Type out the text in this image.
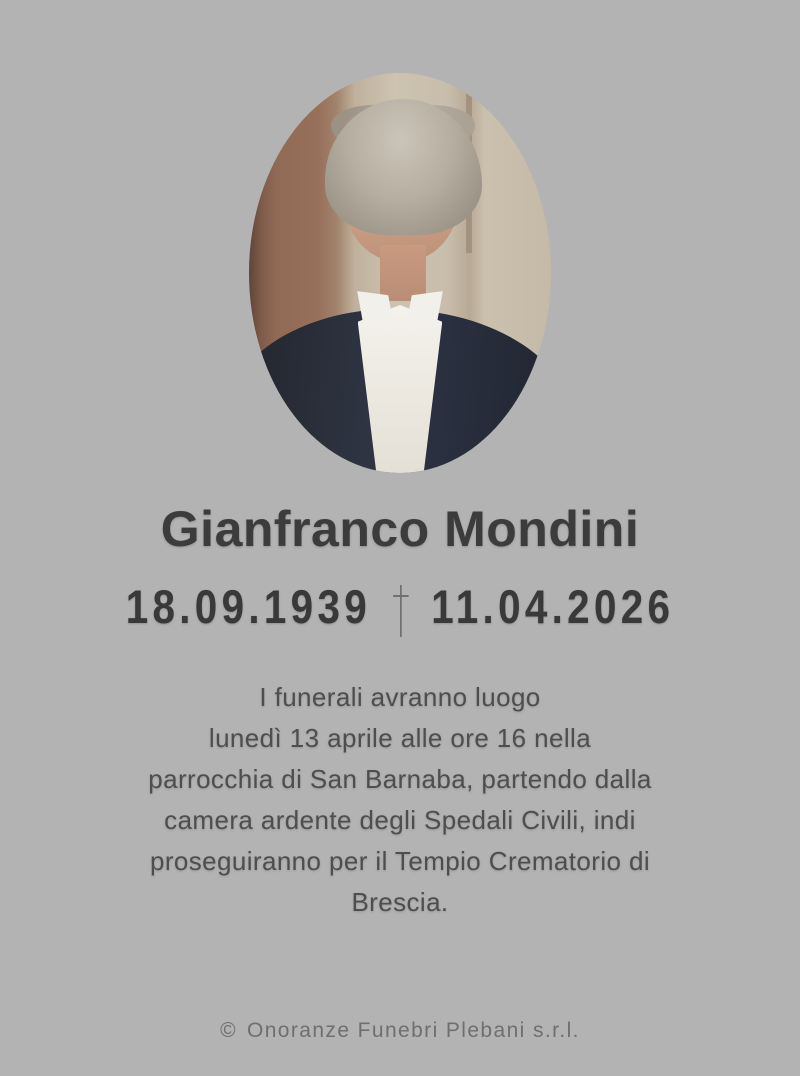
Gianfranco Mondini
18.09.1939 11.04.2026
I funerali avranno luogo
lunedì 13 aprile alle ore 16 nella
parrocchia di San Barnaba, partendo dalla
camera ardente degli Spedali Civili, indi
proseguiranno per il Tempio Crematorio di
Brescia.
© Onoranze Funebri Plebani s.r.l.
